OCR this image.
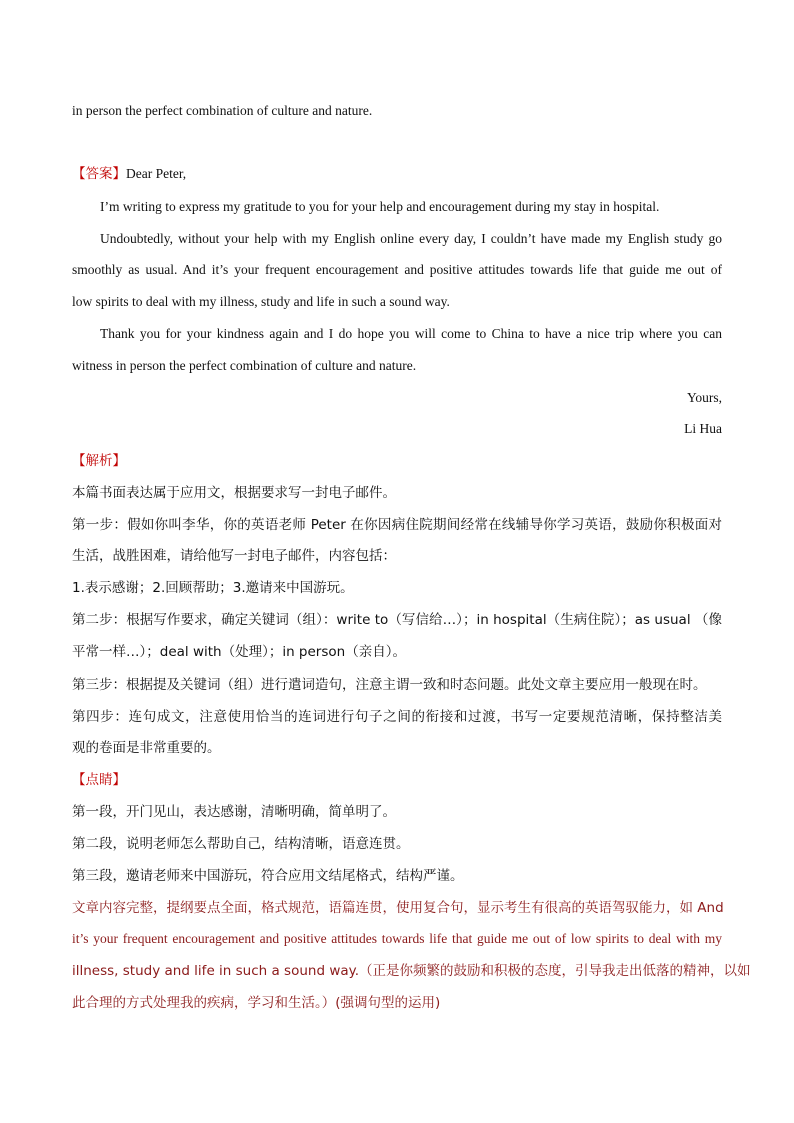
in person the perfect combination of culture and nature.
【答案】Dear Peter,
I’m writing to express my gratitude to you for your help and encouragement during my stay in hospital.
Undoubtedly, without your help with my English online every day, I couldn’t have made my English study go
smoothly as usual. And it’s your frequent encouragement and positive attitudes towards life that guide me out of
low spirits to deal with my illness, study and life in such a sound way.
Thank you for your kindness again and I do hope you will come to China to have a nice trip where you can
witness in person the perfect combination of culture and nature.
Yours,
Li Hua
【解析】
本篇书面表达属于应用文，根据要求写一封电子邮件。
第一步：假如你叫李华，你的英语老师 Peter 在你因病住院期间经常在线辅导你学习英语，鼓励你积极面对
生活，战胜困难，请给他写一封电子邮件，内容包括：
1.表示感谢；2.回顾帮助；3.邀请来中国游玩。
第二步：根据写作要求，确定关键词（组）：write to（写信给…）；in hospital（生病住院）；as usual （像
平常一样…）；deal with（处理）；in person（亲自）。
第三步：根据提及关键词（组）进行遣词造句，注意主谓一致和时态问题。此处文章主要应用一般现在时。
第四步：连句成文，注意使用恰当的连词进行句子之间的衔接和过渡，书写一定要规范清晰，保持整洁美
观的卷面是非常重要的。
【点睛】
第一段，开门见山，表达感谢，清晰明确，简单明了。
第二段，说明老师怎么帮助自己，结构清晰，语意连贯。
第三段，邀请老师来中国游玩，符合应用文结尾格式，结构严谨。
文章内容完整，提纲要点全面，格式规范，语篇连贯，使用复合句，显示考生有很高的英语驾驭能力，如 And
it’s your frequent encouragement and positive attitudes towards life that guide me out of low spirits to deal with my
illness, study and life in such a sound way.（正是你频繁的鼓励和积极的态度，引导我走出低落的精神，以如
此合理的方式处理我的疾病，学习和生活。）(强调句型的运用)
